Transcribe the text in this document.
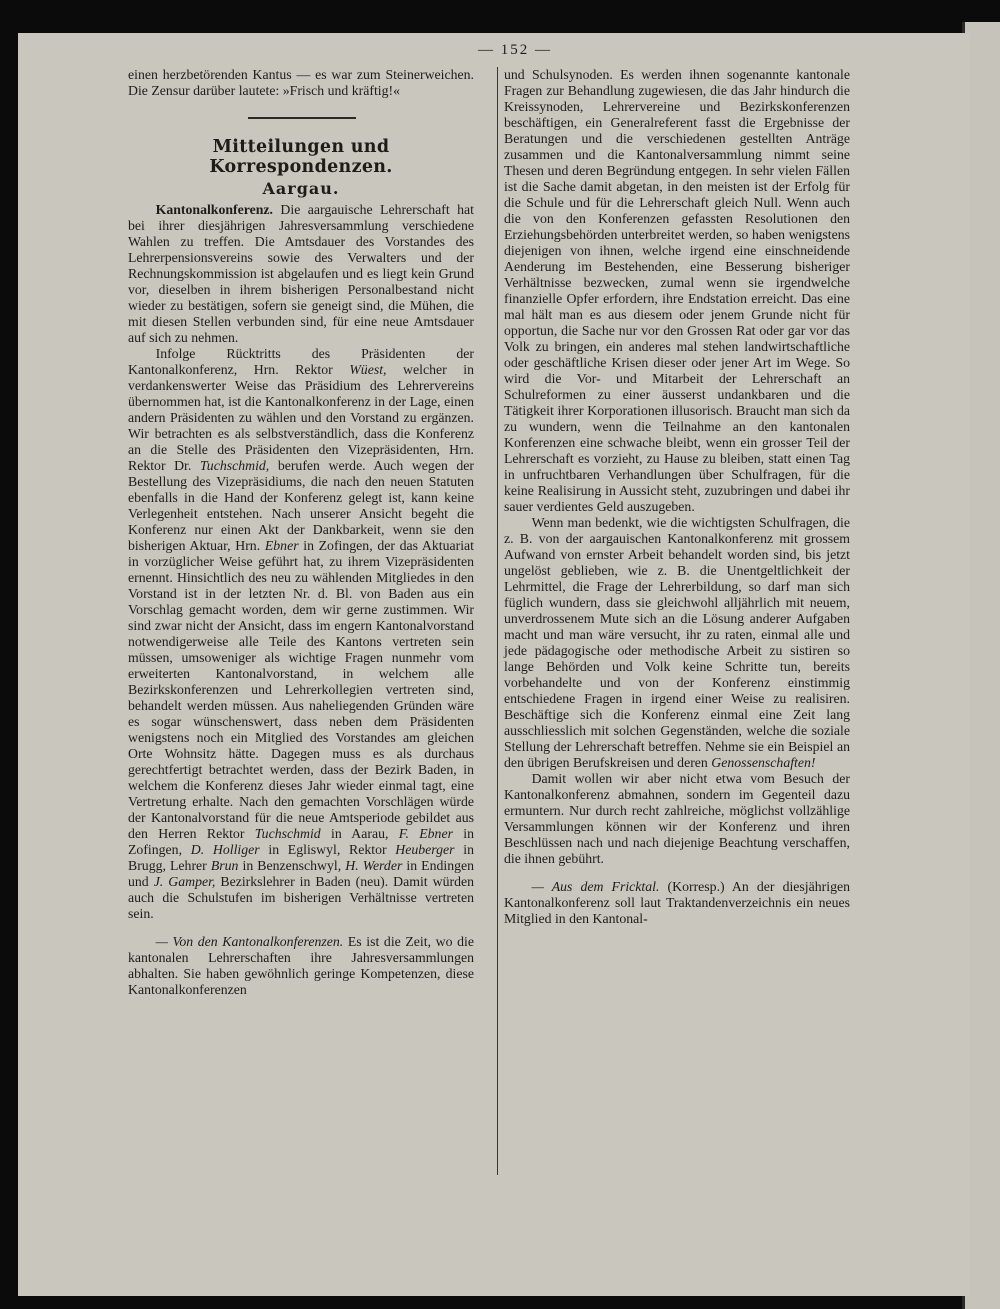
— 152 —

einen herzbetörenden Kantus — es war zum Steinerweichen. Die Zensur darüber lautete: »Frisch und kräftig!«

Mitteilungen und Korrespondenzen.
Aargau.

Kantonalkonferenz. Die aargauische Lehrerschaft hat bei ihrer diesjährigen Jahresversammlung verschiedene Wahlen zu treffen. Die Amtsdauer des Vorstandes des Lehrerpensionsvereins sowie des Verwalters und der Rechnungskommission ist abgelaufen und es liegt kein Grund vor, dieselben in ihrem bisherigen Personalbestand nicht wieder zu bestätigen, sofern sie geneigt sind, die Mühen, die mit diesen Stellen verbunden sind, für eine neue Amtsdauer auf sich zu nehmen.

Infolge Rücktritts des Präsidenten der Kantonalkonferenz, Hrn. Rektor Wüest, welcher in verdankenswerter Weise das Präsidium des Lehrervereins übernommen hat, ist die Kantonalkonferenz in der Lage, einen andern Präsidenten zu wählen und den Vorstand zu ergänzen. Wir betrachten es als selbstverständlich, dass die Konferenz an die Stelle des Präsidenten den Vizepräsidenten, Hrn. Rektor Dr. Tuchschmid, berufen werde. Auch wegen der Bestellung des Vizepräsidiums, die nach den neuen Statuten ebenfalls in die Hand der Konferenz gelegt ist, kann keine Verlegenheit entstehen. Nach unserer Ansicht begeht die Konferenz nur einen Akt der Dankbarkeit, wenn sie den bisherigen Aktuar, Hrn. Ebner in Zofingen, der das Aktuariat in vorzüglicher Weise geführt hat, zu ihrem Vizepräsidenten ernennt. Hinsichtlich des neu zu wählenden Mitgliedes in den Vorstand ist in der letzten Nr. d. Bl. von Baden aus ein Vorschlag gemacht worden, dem wir gerne zustimmen. Wir sind zwar nicht der Ansicht, dass im engern Kantonalvorstand notwendigerweise alle Teile des Kantons vertreten sein müssen, umsoweniger als wichtige Fragen nunmehr vom erweiterten Kantonalvorstand, in welchem alle Bezirkskonferenzen und Lehrerkollegien vertreten sind, behandelt werden müssen. Aus naheliegenden Gründen wäre es sogar wünschenswert, dass neben dem Präsidenten wenigstens noch ein Mitglied des Vorstandes am gleichen Orte Wohnsitz hätte. Dagegen muss es als durchaus gerechtfertigt betrachtet werden, dass der Bezirk Baden, in welchem die Konferenz dieses Jahr wieder einmal tagt, eine Vertretung erhalte. Nach den gemachten Vorschlägen würde der Kantonalvorstand für die neue Amtsperiode gebildet aus den Herren Rektor Tuchschmid in Aarau, F. Ebner in Zofingen, D. Holliger in Egliswyl, Rektor Heuberger in Brugg, Lehrer Brun in Benzenschwyl, H. Werder in Endingen und J. Gamper, Bezirkslehrer in Baden (neu). Damit würden auch die Schulstufen im bisherigen Verhältnisse vertreten sein.

— Von den Kantonalkonferenzen. Es ist die Zeit, wo die kantonalen Lehrerschaften ihre Jahresversammlungen abhalten. Sie haben gewöhnlich geringe Kompetenzen, diese Kantonalkonferenzen

und Schulsynoden. Es werden ihnen sogenannte kantonale Fragen zur Behandlung zugewiesen, die das Jahr hindurch die Kreissynoden, Lehrervereine und Bezirkskonferenzen beschäftigen, ein Generalreferent fasst die Ergebnisse der Beratungen und die verschiedenen gestellten Anträge zusammen und die Kantonalversammlung nimmt seine Thesen und deren Begründung entgegen. In sehr vielen Fällen ist die Sache damit abgetan, in den meisten ist der Erfolg für die Schule und für die Lehrerschaft gleich Null. Wenn auch die von den Konferenzen gefassten Resolutionen den Erziehungsbehörden unterbreitet werden, so haben wenigstens diejenigen von ihnen, welche irgend eine einschneidende Aenderung im Bestehenden, eine Besserung bisheriger Verhältnisse bezwecken, zumal wenn sie irgendwelche finanzielle Opfer erfordern, ihre Endstation erreicht. Das eine mal hält man es aus diesem oder jenem Grunde nicht für opportun, die Sache nur vor den Grossen Rat oder gar vor das Volk zu bringen, ein anderes mal stehen landwirtschaftliche oder geschäftliche Krisen dieser oder jener Art im Wege. So wird die Vor- und Mitarbeit der Lehrerschaft an Schulreformen zu einer äusserst undankbaren und die Tätigkeit ihrer Korporationen illusorisch. Braucht man sich da zu wundern, wenn die Teilnahme an den kantonalen Konferenzen eine schwache bleibt, wenn ein grosser Teil der Lehrerschaft es vorzieht, zu Hause zu bleiben, statt einen Tag in unfruchtbaren Verhandlungen über Schulfragen, für die keine Realisirung in Aussicht steht, zuzubringen und dabei ihr sauer verdientes Geld auszugeben.

Wenn man bedenkt, wie die wichtigsten Schulfragen, die z. B. von der aargauischen Kantonalkonferenz mit grossem Aufwand von ernster Arbeit behandelt worden sind, bis jetzt ungelöst geblieben, wie z. B. die Unentgeltlichkeit der Lehrmittel, die Frage der Lehrerbildung, so darf man sich füglich wundern, dass sie gleichwohl alljährlich mit neuem, unverdrossenem Mute sich an die Lösung anderer Aufgaben macht und man wäre versucht, ihr zu raten, einmal alle und jede pädagogische oder methodische Arbeit zu sistiren so lange Behörden und Volk keine Schritte tun, bereits vorbehandelte und von der Konferenz einstimmig entschiedene Fragen in irgend einer Weise zu realisiren. Beschäftige sich die Konferenz einmal eine Zeit lang ausschliesslich mit solchen Gegenständen, welche die soziale Stellung der Lehrerschaft betreffen. Nehme sie ein Beispiel an den übrigen Berufskreisen und deren Genossenschaften!

Damit wollen wir aber nicht etwa vom Besuch der Kantonalkonferenz abmahnen, sondern im Gegenteil dazu ermuntern. Nur durch recht zahlreiche, möglichst vollzählige Versammlungen können wir der Konferenz und ihren Beschlüssen nach und nach diejenige Beachtung verschaffen, die ihnen gebührt.

— Aus dem Fricktal. (Korresp.) An der diesjährigen Kantonalkonferenz soll laut Traktandenverzeichnis ein neues Mitglied in den Kantonal-
